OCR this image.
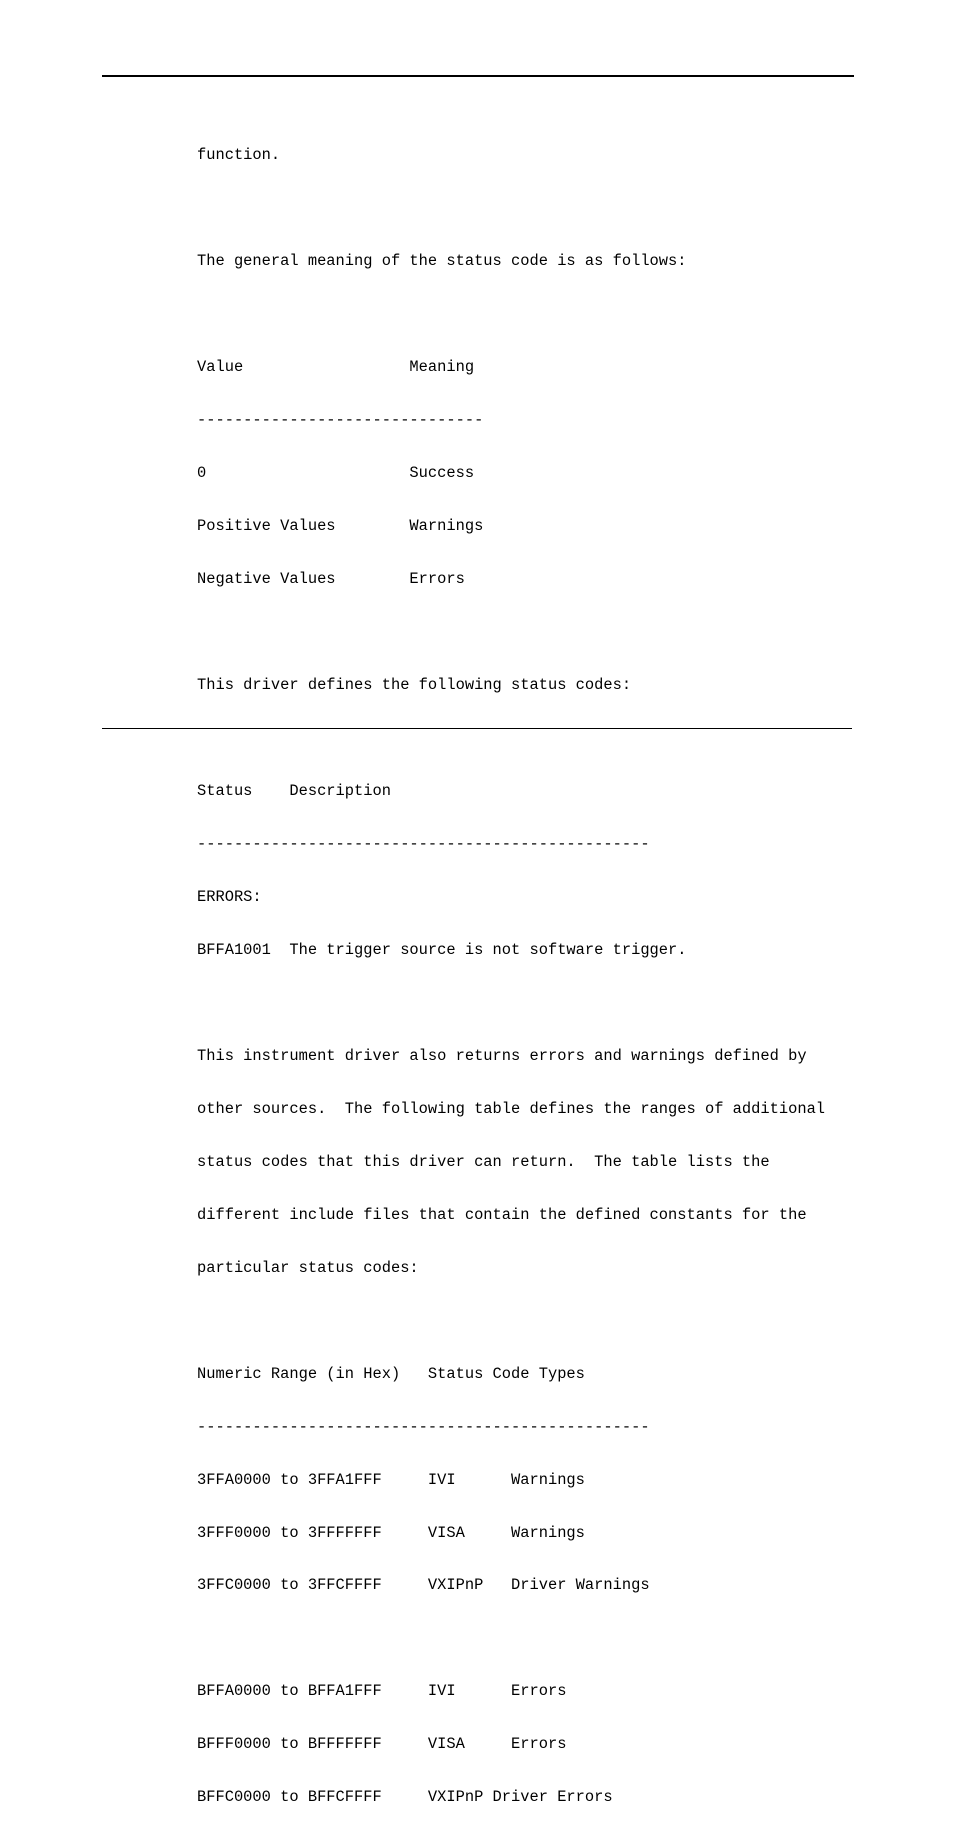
function.

The general meaning of the status code is as follows:

Value                  Meaning

-------------------------------

0                      Success

Positive Values        Warnings

Negative Values        Errors

This driver defines the following status codes:

Status    Description

-------------------------------------------------

ERRORS:

BFFA1001  The trigger source is not software trigger.

This instrument driver also returns errors and warnings defined by

other sources.  The following table defines the ranges of additional

status codes that this driver can return.  The table lists the

different include files that contain the defined constants for the

particular status codes:

Numeric Range (in Hex)   Status Code Types

-------------------------------------------------

3FFA0000 to 3FFA1FFF     IVI      Warnings

3FFF0000 to 3FFFFFFF     VISA     Warnings

3FFC0000 to 3FFCFFFF     VXIPnP   Driver Warnings

BFFA0000 to BFFA1FFF     IVI      Errors

BFFF0000 to BFFFFFFF     VISA     Errors

BFFC0000 to BFFCFFFF     VXIPnP Driver Errors
